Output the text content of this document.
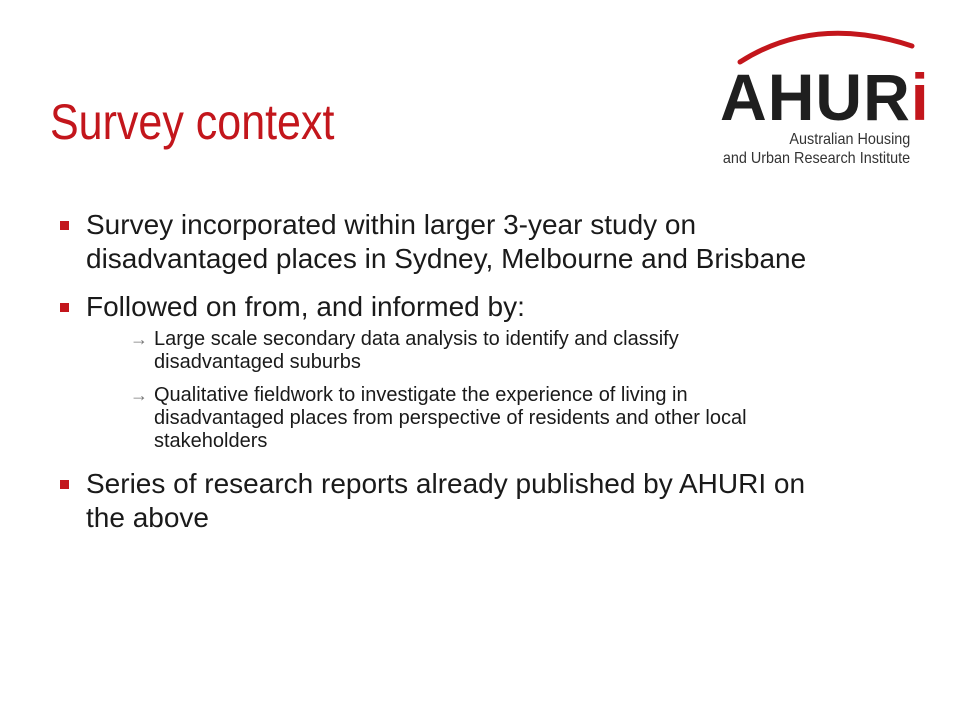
Survey context	AHURi
Australian Housing
and Urban Research Institute
Survey incorporated within larger 3-year study on disadvantaged places in Sydney, Melbourne and Brisbane
Followed on from, and informed by:
→ Large scale secondary data analysis to identify and classify disadvantaged suburbs
→ Qualitative fieldwork to investigate the experience of living in disadvantaged places from perspective of residents and other local stakeholders
Series of research reports already published by AHURI on the above
